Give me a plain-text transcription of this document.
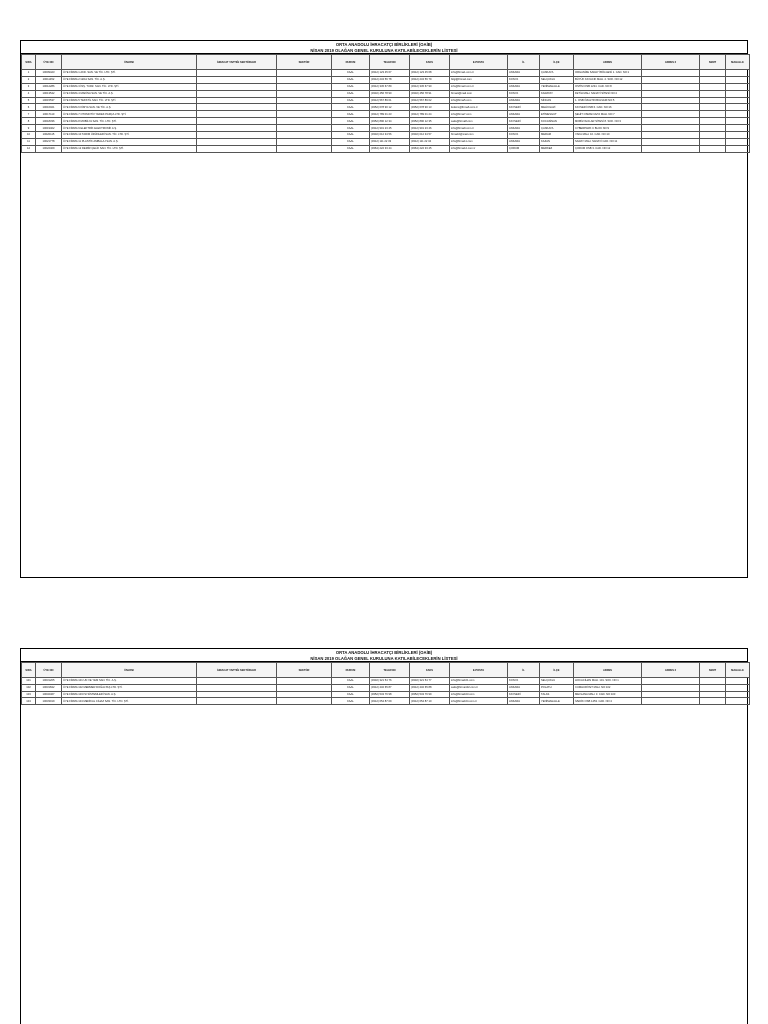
ORTA ANADOLU İHRACATÇI BİRLİKLERİ (OAİB)
NİSAN 2019 OLAĞAN GENEL KURULUNA KATILABİLECEKLERİN LİSTESİ
SIRA	ÜYE NO	ÜNVANI	İHRACAT YAPTIĞI SEKTÖRLER	SEKTÖR	DURUM	TELEFON	FAKS	E-POSTA	İL	İLÇE	ADRES	ADRES 2	SEMT	MAHALLE
1	10009423	ÜYE FİRMA 1 AKD. SAN. VE TİC. LTD. ŞTİ.			FAAL	(0312) 123 45 67	(0312) 123 45 68	info@firma1.com.tr	ANKARA	ÇANKAYA	ORGANİZE SANAYİ BÖLGESİ 1. CAD. NO:1			
2	10011452	ÜYE FİRMA 2 GIDA SAN. TİC. A.Ş.			FAAL	(0312) 234 56 78	(0312) 234 56 79	bilgi@firma2.com	KONYA	SELÇUKLU	BÜYÜK KAYACIK MAH. 2. SOK. NO:12			
3	10012286	ÜYE FİRMA 3 İNŞ. TURZ. SAN. TİC. LTD. ŞTİ.			FAAL	(0312) 345 67 89	(0312) 345 67 90	info@firma3.com.tr	ANKARA	YENİMAHALLE	OSTİM OSB 1234. CAD. NO:8			
4	10013542	ÜYE FİRMA 4 MAKİNA SAN. VE TİC. A.Ş.			FAAL	(0332) 456 78 90	(0332) 456 78 91	firma4@mail.com	KONYA	KARATAY	FETİH MAH. SANAYİ SİTESİ NO:4			
5	10015537	ÜYE FİRMA 5 TEKSTİL SAN. TİC. LTD. ŞTİ.			FAAL	(0312) 567 89 01	(0312) 567 89 02	info@firma5.com	ANKARA	SİNCAN	1. OSB ÖZALTIN BULVARI NO:5			
6	10016021	ÜYE FİRMA 6 KİMYA SAN. VE TİC. A.Ş.			FAAL	(0352) 678 90 12	(0352) 678 90 13	iletisim@firma6.com.tr	KAYSERİ	MELİKGAZİ	KAYSERİ OSB 6. CAD. NO:16			
7	10017110	ÜYE FİRMA 7 OTOMOTİV YEDEK PARÇA LTD. ŞTİ.			FAAL	(0312) 789 01 23	(0312) 789 01 24	info@firma7.com	ANKARA	ETİMESGUT	ŞEHİT OSMAN AVCI MAH. NO:7			
8	10018336	ÜYE FİRMA 8 MOBİLYA SAN. TİC. LTD. ŞTİ.			FAAL	(0352) 890 12 34	(0352) 890 12 35	satis@firma8.com	KAYSERİ	KOCASİNAN	MOBİLYACILAR SİTESİ 8. SOK. NO:3			
9	10019402	ÜYE FİRMA 9 ELEKTRİK ELEKTRONİK A.Ş.			FAAL	(0312) 901 23 45	(0312) 901 23 46	info@firma9.com.tr	ANKARA	ÇANKAYA	CYBERPARK C BLOK NO:9			
10	10020115	ÜYE FİRMA 10 TARIM ÜRÜNLERİ SAN. TİC. LTD. ŞTİ.			FAAL	(0332) 012 34 56	(0332) 012 34 57	firma10@mail.com	KONYA	MERAM	YAKA MAH. 10. CAD. NO:10			
11	10021778	ÜYE FİRMA 11 PLASTİK AMBALAJ SAN. A.Ş.			FAAL	(0312) 111 22 33	(0312) 111 22 34	info@firma11.com	ANKARA	KAZAN	SARAY MAH. SANAYİ CAD. NO:11			
12	10022409	ÜYE FİRMA 12 DEMİR ÇELİK SAN. TİC. LTD. ŞTİ.			FAAL	(0364) 222 33 44	(0364) 222 33 45	info@firma12.com.tr	ÇORUM	MERKEZ	ÇORUM OSB 3. CAD. NO:12			
ORTA ANADOLU İHRACATÇI BİRLİKLERİ (OAİB)
NİSAN 2019 OLAĞAN GENEL KURULUNA KATILABİLECEKLERİN LİSTESİ
SIRA	ÜYE NO	ÜNVANI	İHRACAT YAPTIĞI SEKTÖRLER	SEKTÖR	DURUM	TELEFON	FAKS	E-POSTA	İL	İLÇE	ADRES	ADRES 2	SEMT	MAHALLE
101	10031205	ÜYE FİRMA 101 UN VE YEM SAN. TİC. A.Ş.			FAAL	(0332) 321 54 76	(0332) 321 54 77	info@firma101.com	KONYA	SELÇUKLU	HOCACİHAN MAH. 101. SOK. NO:1			
102	10031842	ÜYE FİRMA 102 MERMER DOĞALTAŞ LTD. ŞTİ.			FAAL	(0312) 432 65 87	(0312) 432 65 88	satis@firma102.com.tr	ANKARA	POLATLI	CUMHURİYET MAH. NO:102			
103	10032467	ÜYE FİRMA 103 ISI SİSTEMLERİ SAN. A.Ş.			FAAL	(0352) 543 76 98	(0352) 543 76 99	info@firma103.com	KAYSERİ	TALAS	MEVLANA MAH. 3. CAD. NO:103			
104	10033019	ÜYE FİRMA 104 MEDİKAL CİHAZ SAN. TİC. LTD. ŞTİ.			FAAL	(0312) 654 87 09	(0312) 654 87 10	info@firma104.com.tr	ANKARA	YENİMAHALLE	İVEDİK OSB 1453. CAD. NO:4			
